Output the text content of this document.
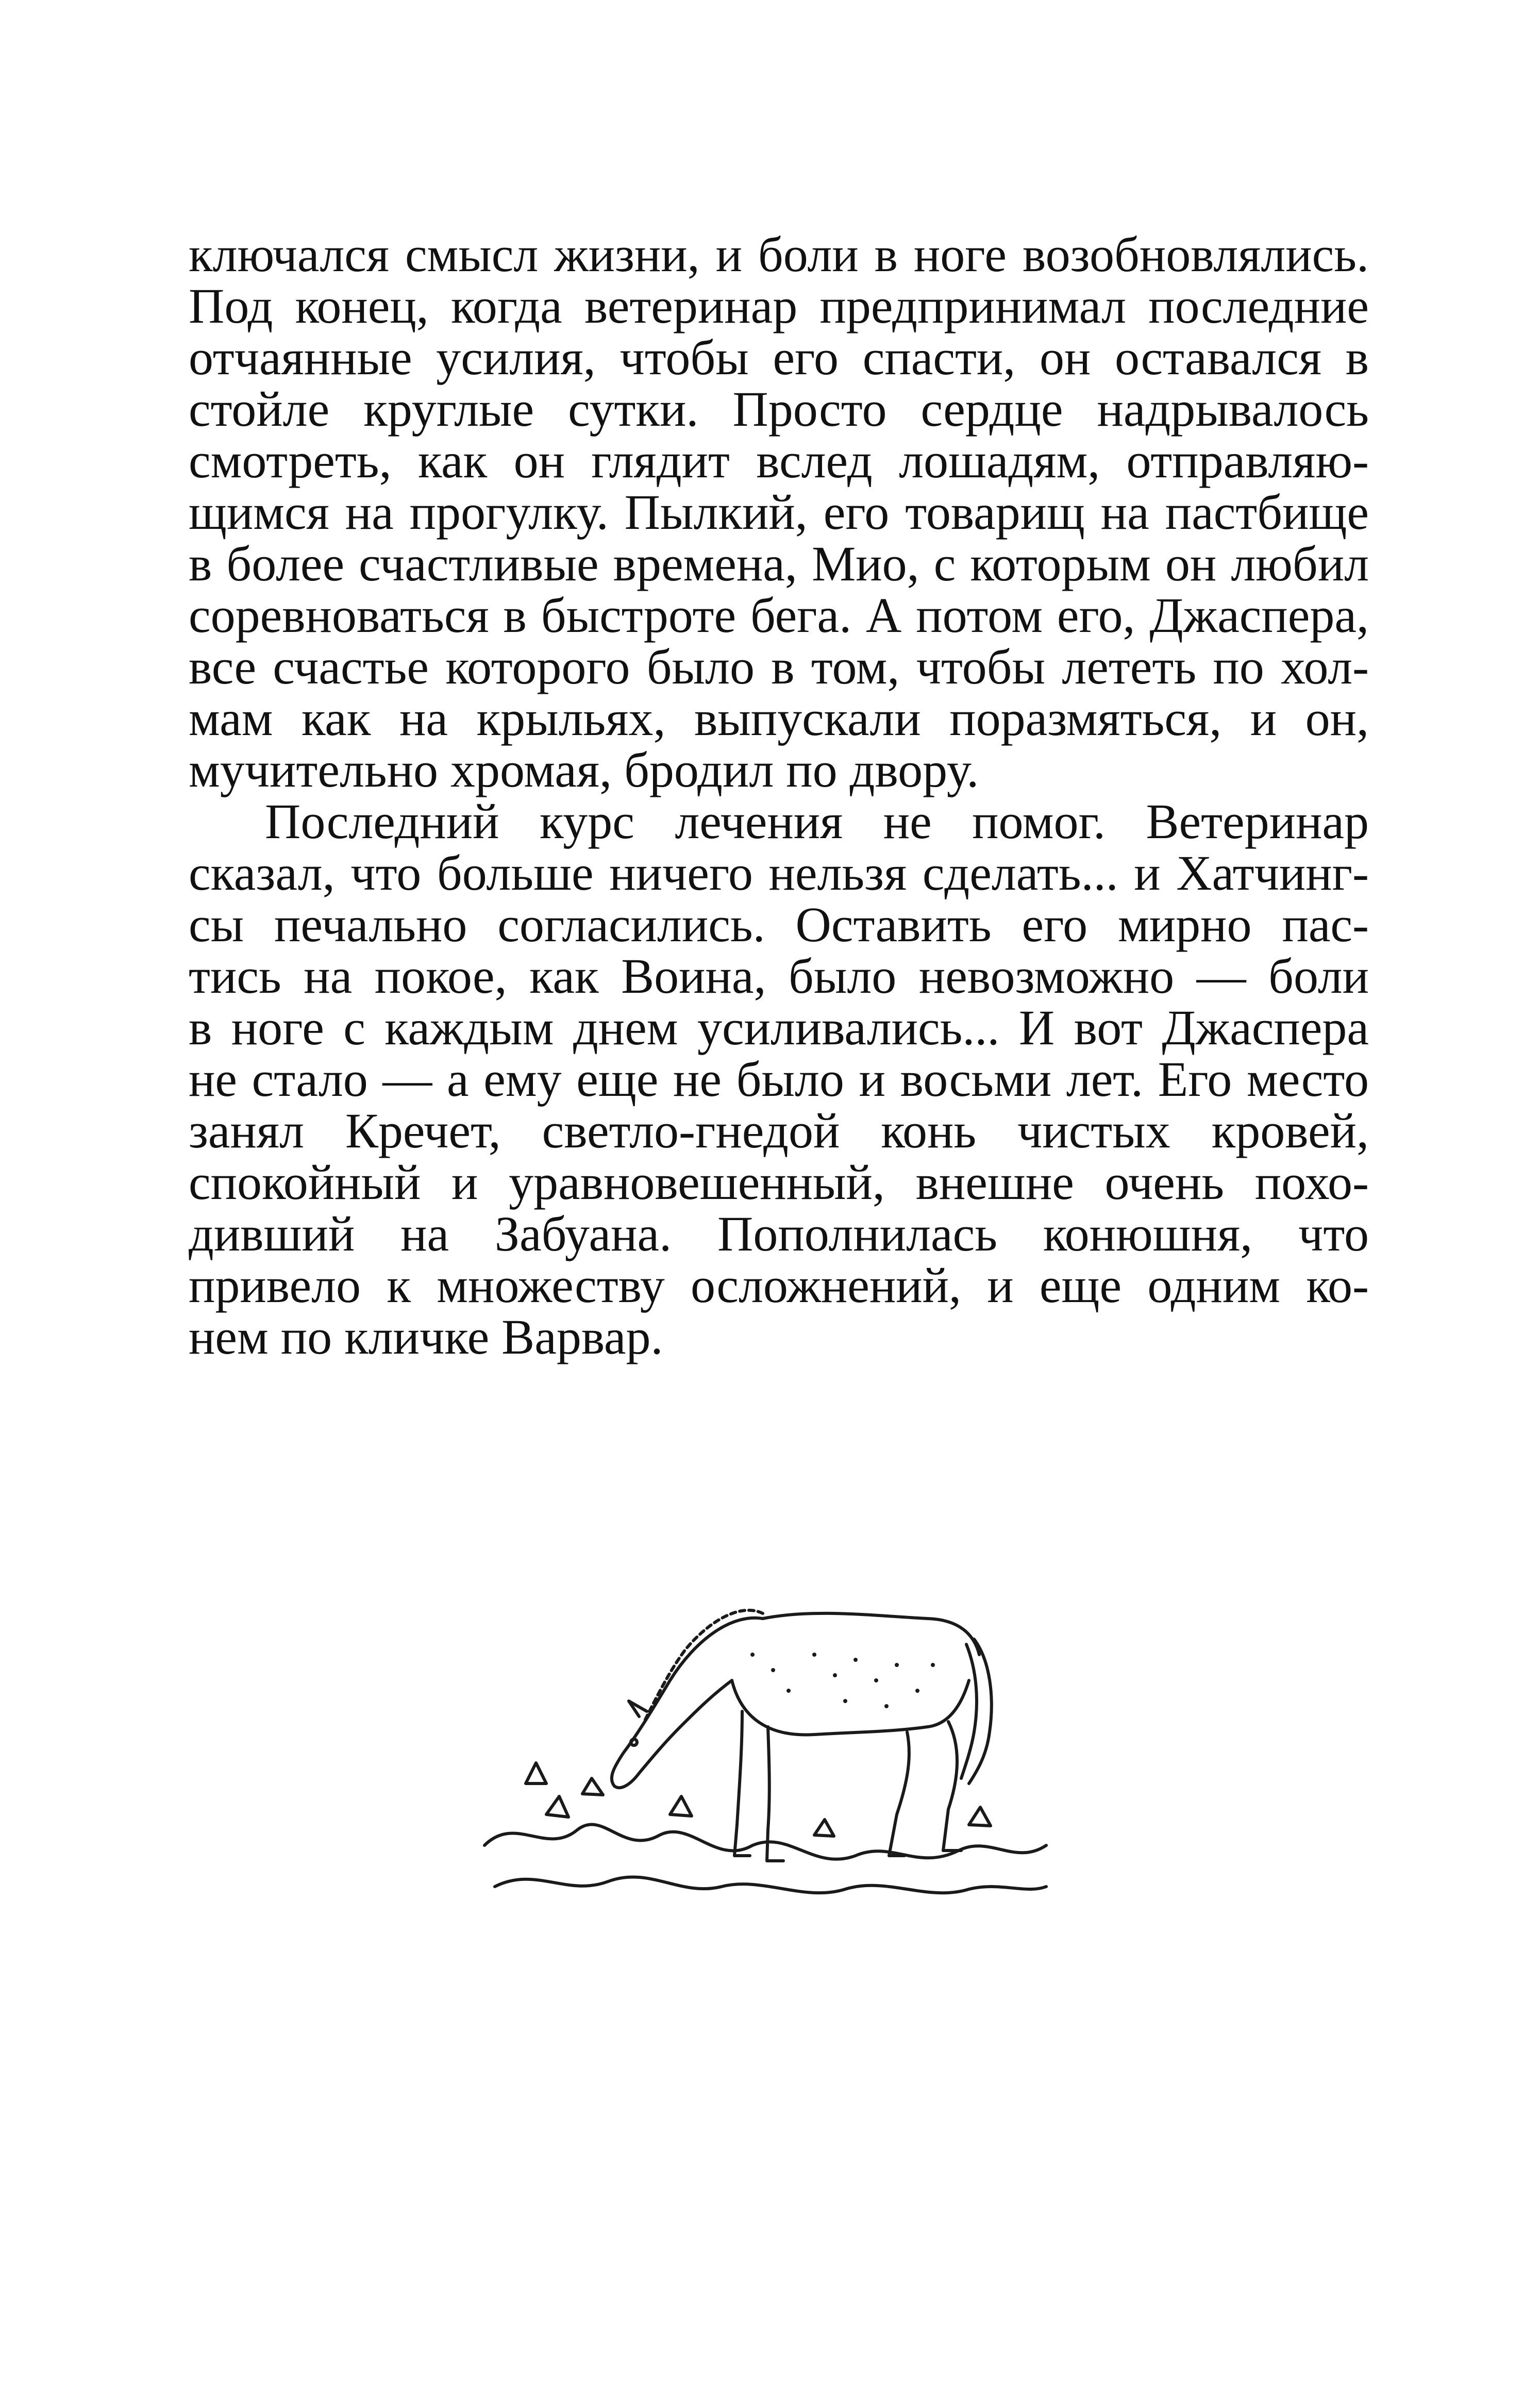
ключался смысл жизни, и боли в ноге возобновлялись.
Под конец, когда ветеринар предпринимал последние
отчаянные усилия, чтобы его спасти, он оставался в
стойле круглые сутки. Просто сердце надрывалось
смотреть, как он глядит вслед лошадям, отправляю-
щимся на прогулку. Пылкий, его товарищ на пастбище
в более счастливые времена, Мио, с которым он любил
соревноваться в быстроте бега. А потом его, Джаспера,
все счастье которого было в том, чтобы лететь по хол-
мам как на крыльях, выпускали поразмяться, и он,
мучительно хромая, бродил по двору.
Последний курс лечения не помог. Ветеринар
сказал, что больше ничего нельзя сделать... и Хатчинг-
сы печально согласились. Оставить его мирно пас-
тись на покое, как Воина, было невозможно — боли
в ноге с каждым днем усиливались... И вот Джаспера
не стало — а ему еще не было и восьми лет. Его место
занял Кречет, светло-гнедой конь чистых кровей,
спокойный и уравновешенный, внешне очень похо-
дивший на Забуана. Пополнилась конюшня, что
привело к множеству осложнений, и еще одним ко-
нем по кличке Варвар.
